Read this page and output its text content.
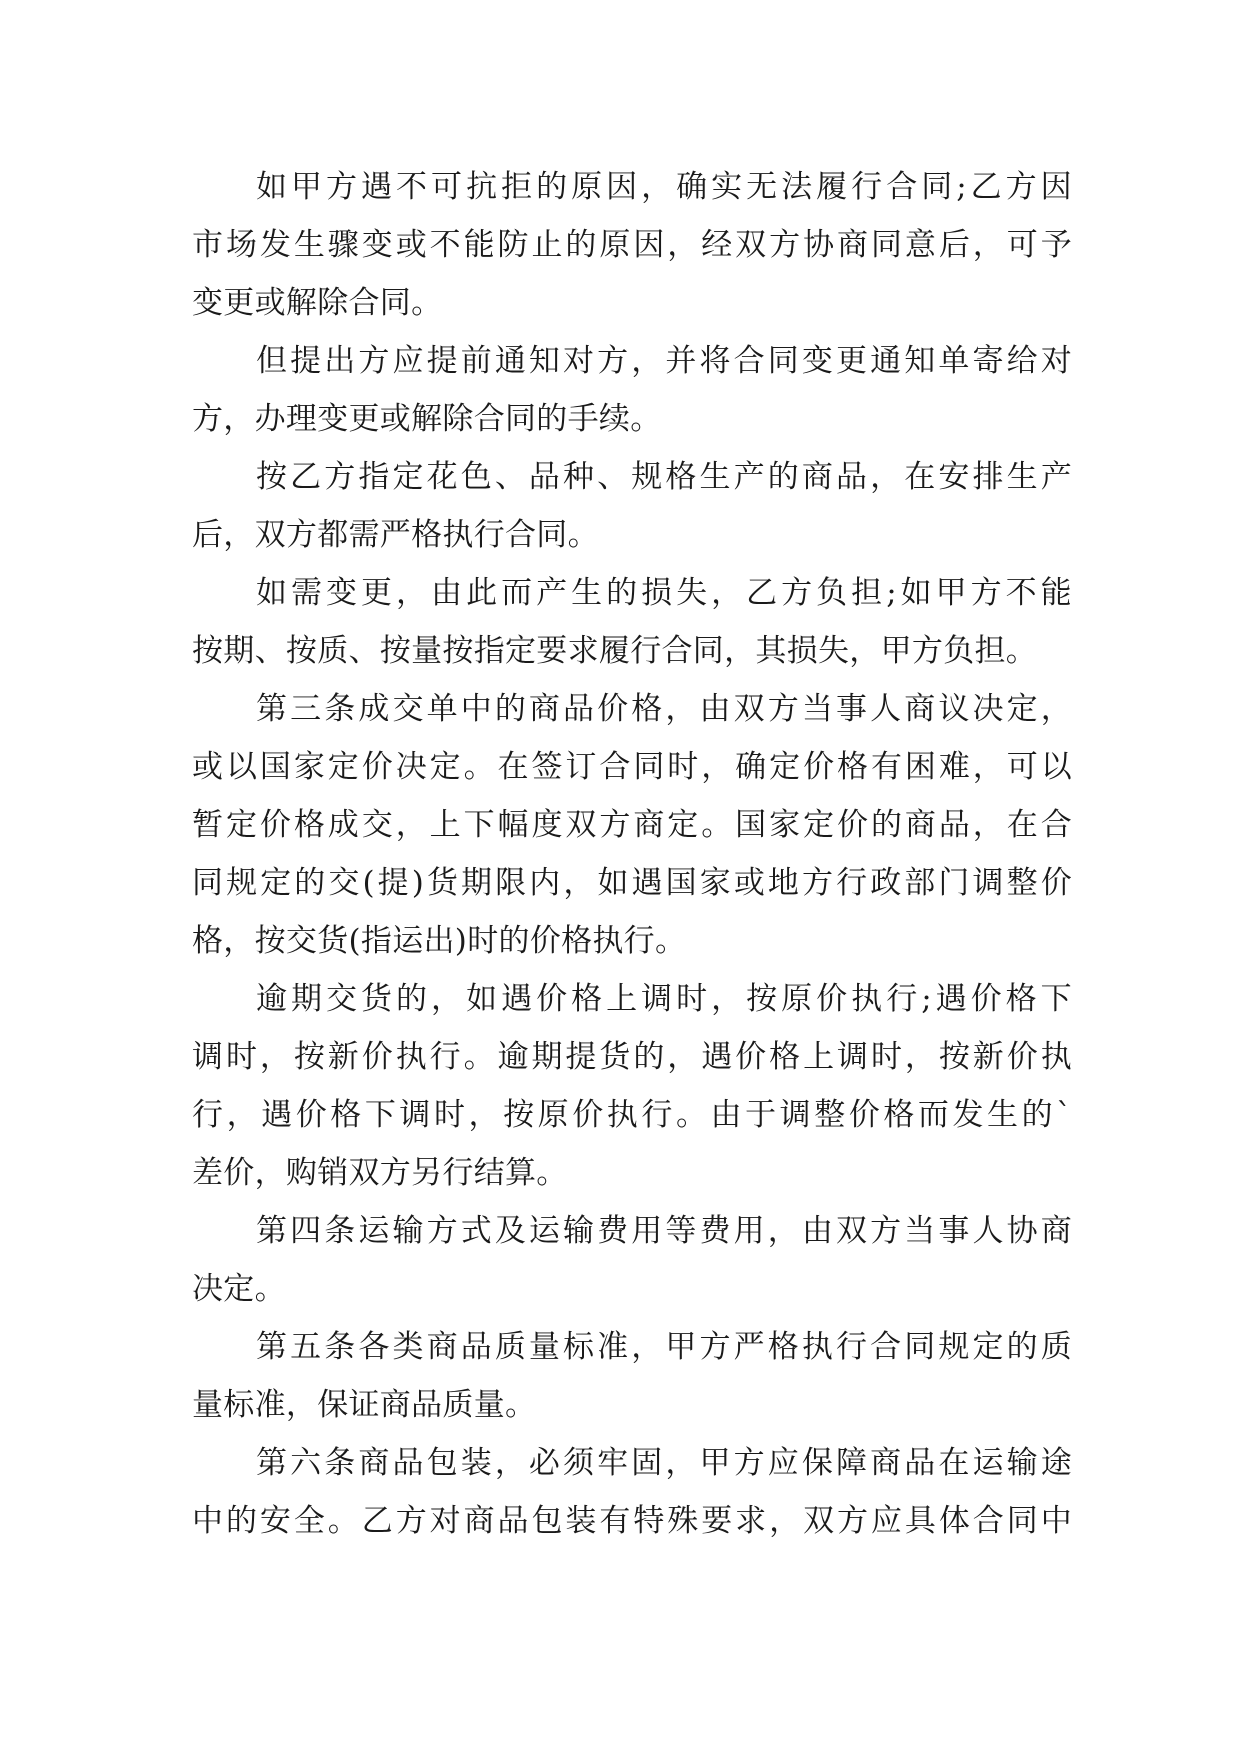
如甲方遇不可抗拒的原因，确实无法履行合同;乙方因
市场发生骤变或不能防止的原因，经双方协商同意后，可予
变更或解除合同。
但提出方应提前通知对方，并将合同变更通知单寄给对
方，办理变更或解除合同的手续。
按乙方指定花色、品种、规格生产的商品，在安排生产
后，双方都需严格执行合同。
如需变更，由此而产生的损失，乙方负担;如甲方不能
按期、按质、按量按指定要求履行合同，其损失，甲方负担。
第三条成交单中的商品价格，由双方当事人商议决定，
或以国家定价决定。在签订合同时，确定价格有困难，可以
暂定价格成交，上下幅度双方商定。国家定价的商品，在合
同规定的交(提)货期限内，如遇国家或地方行政部门调整价
格，按交货(指运出)时的价格执行。
逾期交货的，如遇价格上调时，按原价执行;遇价格下
调时，按新价执行。逾期提货的，遇价格上调时，按新价执
行，遇价格下调时，按原价执行。由于调整价格而发生的`
差价，购销双方另行结算。
第四条运输方式及运输费用等费用，由双方当事人协商
决定。
第五条各类商品质量标准，甲方严格执行合同规定的质
量标准，保证商品质量。
第六条商品包装，必须牢固，甲方应保障商品在运输途
中的安全。乙方对商品包装有特殊要求，双方应具体合同中
